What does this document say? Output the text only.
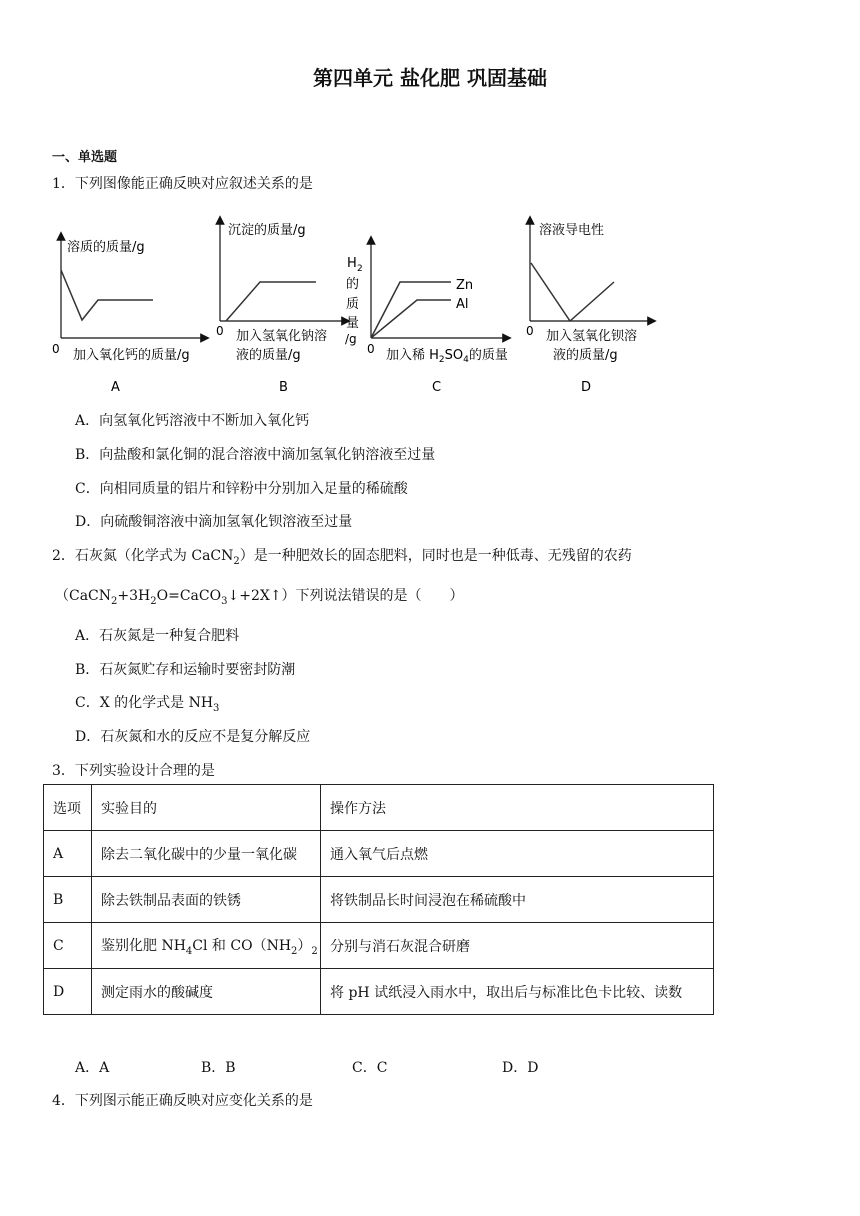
第四单元 盐化肥 巩固基础
一、单选题
1．下列图像能正确反映对应叙述关系的是
溶质的质量/g
0 加入氧化钙的质量/g
A
沉淀的质量/g
0 加入氢氧化钠溶
液的质量/g
B
H 2
的
质
量
/g
Zn
Al
0 加入稀 $H_2SO_4$的质量
C
溶液导电性
0 加入氢氧化钡溶
液的质量/g
D
A．向氢氧化钙溶液中不断加入氧化钙
B．向盐酸和氯化铜的混合溶液中滴加氢氧化钠溶液至过量
C．向相同质量的铝片和锌粉中分别加入足量的稀硫酸
D．向硫酸铜溶液中滴加氢氧化钡溶液至过量
2．石灰氮（化学式为 CaCN$_2$）是一种肥效长的固态肥料，同时也是一种低毒、无残留的农药
$(CaCN_2+3H_2O=CaCO_3↓+2X↑)$下列说法错误的是（　　）
A．石灰氮是一种复合肥料
B．石灰氮贮存和运输时要密封防潮
C．X 的化学式是 $NH_3$
D．石灰氮和水的反应不是复分解反应
3．下列实验设计合理的是
选项	实验目的	操作方法
A	除去二氧化碳中的少量一氧化碳	通入氧气后点燃
B	除去铁制品表面的铁锈	将铁制品长时间浸泡在稀硫酸中
C	鉴别化肥 $NH_4Cl$ 和 $CO(NH_2)_2$	分别与消石灰混合研磨
D	测定雨水的酸碱度	将 pH 试纸浸入雨水中，取出后与标准比色卡比较、读数
A．A	B．B	C．C	D．D
4．下列图示能正确反映对应变化关系的是
